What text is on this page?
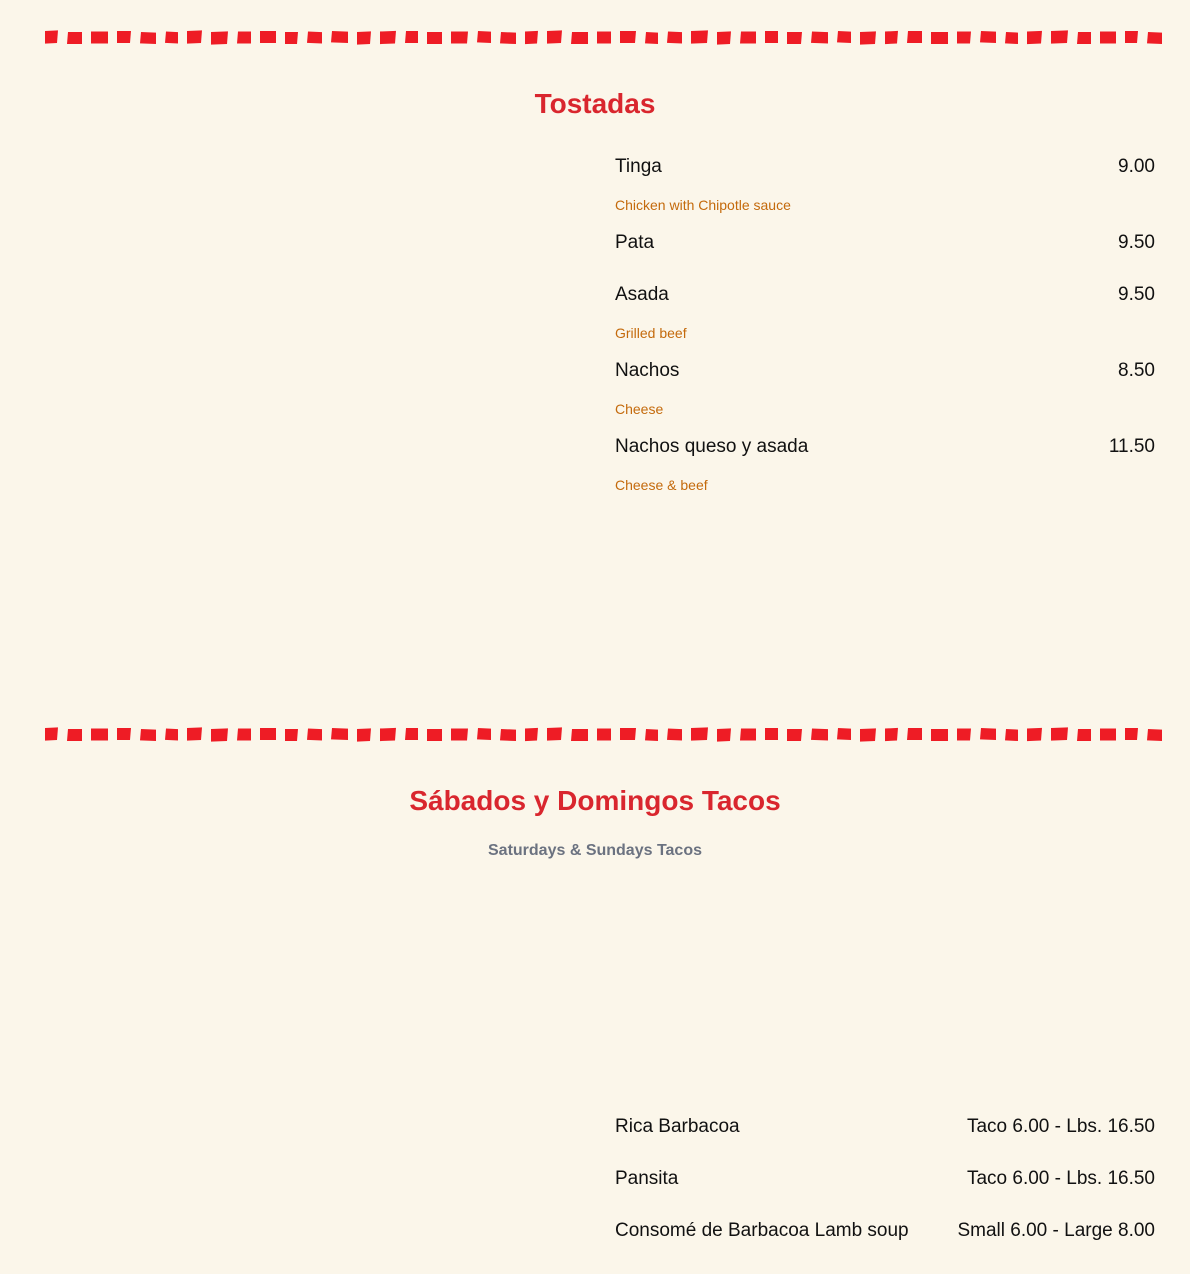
Tostadas
Tinga	9.00
Chicken with Chipotle sauce
Pata	9.50
Asada	9.50
Grilled beef
Nachos	8.50
Cheese
Nachos queso y asada	11.50
Cheese & beef
Sábados y Domingos Tacos
Saturdays & Sundays Tacos
Rica Barbacoa	Taco 6.00 - Lbs. 16.50
Pansita	Taco 6.00 - Lbs. 16.50
Consomé de Barbacoa Lamb soup	Small 6.00 - Large 8.00
